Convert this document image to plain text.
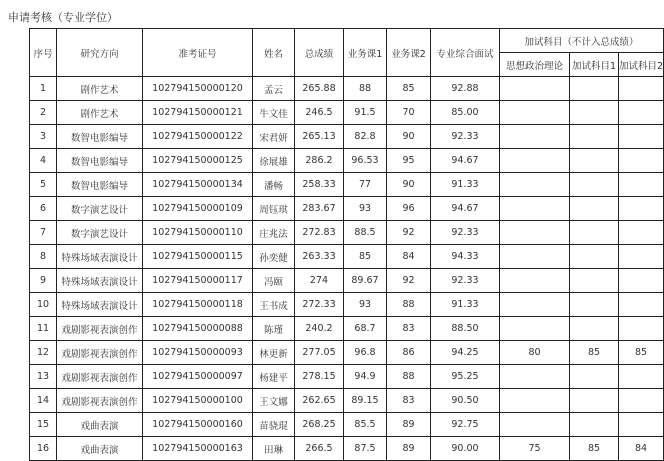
申请考核（专业学位）
序号	研究方向	准考证号	姓名	总成绩	业务课1	业务课2	专业综合面试	加试科目（不计入总成绩）		
								思想政治理论	加试科目1	加试科目2
1	剧作艺术	102794150000120	孟云	265.88	88	85	92.88			
2	剧作艺术	102794150000121	牛文佳	246.5	91.5	70	85.00			
3	数智电影编导	102794150000122	宋君妍	265.13	82.8	90	92.33			
4	数智电影编导	102794150000125	徐展雄	286.2	96.53	95	94.67			
5	数智电影编导	102794150000134	潘畅	258.33	77	90	91.33			
6	数字演艺设计	102794150000109	周钰琪	283.67	93	96	94.67			
7	数字演艺设计	102794150000110	庄兆法	272.83	88.5	92	92.33			
8	特殊场域表演设计	102794150000115	孙奕健	263.33	85	84	94.33			
9	特殊场域表演设计	102794150000117	冯颐	274	89.67	92	92.33			
10	特殊场域表演设计	102794150000118	王书成	272.33	93	88	91.33			
11	戏剧影视表演创作	102794150000088	陈瑾	240.2	68.7	83	88.50			
12	戏剧影视表演创作	102794150000093	林更新	277.05	96.8	86	94.25	80	85	85
13	戏剧影视表演创作	102794150000097	杨建平	278.15	94.9	88	95.25			
14	戏剧影视表演创作	102794150000100	王文娜	262.65	89.15	83	90.50			
15	戏曲表演	102794150000160	苗骁琨	268.25	85.5	89	92.75			
16	戏曲表演	102794150000163	田琳	266.5	87.5	89	90.00	75	85	84
